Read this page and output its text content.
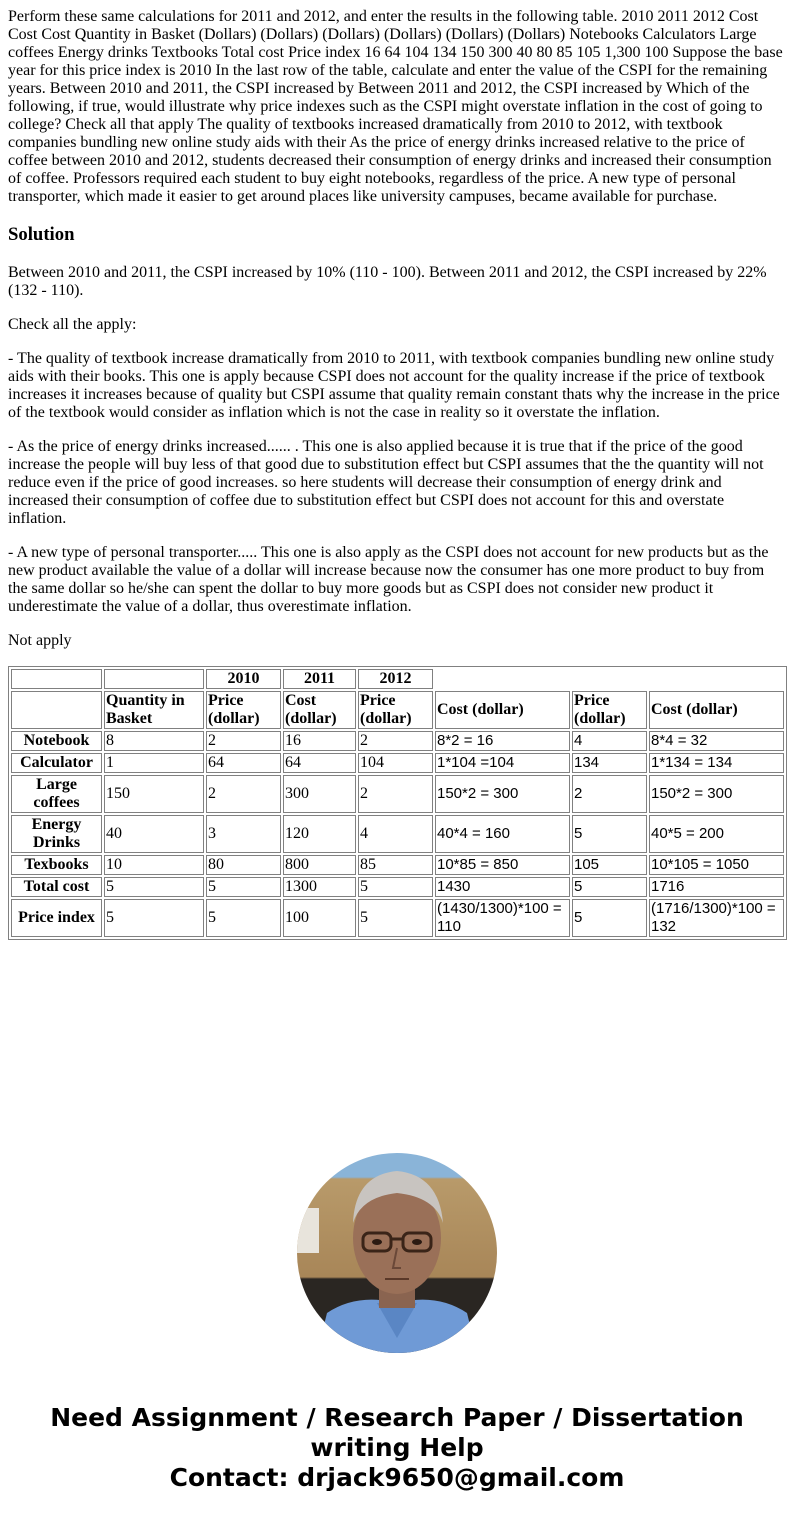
Perform these same calculations for 2011 and 2012, and enter the results in the following table. 2010 2011 2012 Cost Cost Cost Quantity in Basket (Dollars) (Dollars) (Dollars) (Dollars) (Dollars) (Dollars) Notebooks Calculators Large coffees Energy drinks Textbooks Total cost Price index 16 64 104 134 150 300 40 80 85 105 1,300 100 Suppose the base year for this price index is 2010 In the last row of the table, calculate and enter the value of the CSPI for the remaining years. Between 2010 and 2011, the CSPI increased by Between 2011 and 2012, the CSPI increased by Which of the following, if true, would illustrate why price indexes such as the CSPI might overstate inflation in the cost of going to college? Check all that apply The quality of textbooks increased dramatically from 2010 to 2012, with textbook companies bundling new online study aids with their As the price of energy drinks increased relative to the price of coffee between 2010 and 2012, students decreased their consumption of energy drinks and increased their consumption of coffee. Professors required each student to buy eight notebooks, regardless of the price. A new type of personal transporter, which made it easier to get around places like university campuses, became available for purchase.

Solution

Between 2010 and 2011, the CSPI increased by 10% (110 - 100). Between 2011 and 2012, the CSPI increased by 22% (132 - 110).

Check all the apply:

- The quality of textbook increase dramatically from 2010 to 2011, with textbook companies bundling new online study aids with their books. This one is apply because CSPI does not account for the quality increase if the price of textbook increases it increases because of quality but CSPI assume that quality remain constant thats why the increase in the price of the textbook would consider as inflation which is not the case in reality so it overstate the inflation.

- As the price of energy drinks increased...... . This one is also applied because it is true that if the price of the good increase the people will buy less of that good due to substitution effect but CSPI assumes that the the quantity will not reduce even if the price of good increases. so here students will decrease their consumption of energy drink and increased their consumption of coffee due to substitution effect but CSPI does not account for this and overstate inflation.

- A new type of personal transporter..... This one is also apply as the CSPI does not account for new products but as the new product available the value of a dollar will increase because now the consumer has one more product to buy from the same dollar so he/she can spent the dollar to buy more goods but as CSPI does not consider new product it underestimate the value of a dollar, thus overestimate inflation.

Not apply

		2010	2011	2012			
	Quantity in Basket	Price (dollar)	Cost (dollar)	Price (dollar)	Cost (dollar)	Price (dollar)	Cost (dollar)
Notebook	8	2	16	2	8*2 = 16	4	8*4 = 32
Calculator	1	64	64	104	1*104 =104	134	1*134 = 134
Large coffees	150	2	300	2	150*2 = 300	2	150*2 = 300
Energy Drinks	40	3	120	4	40*4 = 160	5	40*5 = 200
Texbooks	10	80	800	85	10*85 = 850	105	10*105 = 1050
Total cost	5	5	1300	5	1430	5	1716
Price index	5	5	100	5	(1430/1300)*100 = 110	5	(1716/1300)*100 = 132
Need Assignment / Research Paper / Dissertation writing Help
Contact: drjack9650@gmail.com
